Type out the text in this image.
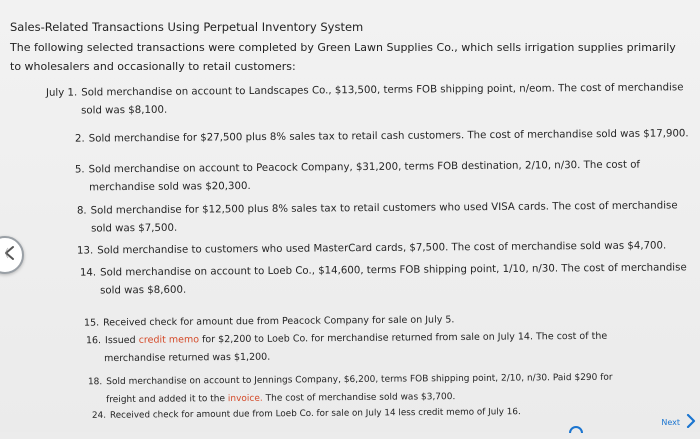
Sales-Related Transactions Using Perpetual Inventory System
The following selected transactions were completed by Green Lawn Supplies Co., which sells irrigation supplies primarily to wholesalers and occasionally to retail customers:
July 1. Sold merchandise on account to Landscapes Co., $13,500, terms FOB shipping point, n/eom. The cost of merchandise
sold was $8,100.
2. Sold merchandise for $27,500 plus 8% sales tax to retail cash customers. The cost of merchandise sold was $17,900.
5. Sold merchandise on account to Peacock Company, $31,200, terms FOB destination, 2/10, n/30. The cost of
merchandise sold was $20,300.
8. Sold merchandise for $12,500 plus 8% sales tax to retail customers who used VISA cards. The cost of merchandise
sold was $7,500.
13. Sold merchandise to customers who used MasterCard cards, $7,500. The cost of merchandise sold was $4,700.
14. Sold merchandise on account to Loeb Co., $14,600, terms FOB shipping point, 1/10, n/30. The cost of merchandise
sold was $8,600.
15. Received check for amount due from Peacock Company for sale on July 5.
16. Issued credit memo for $2,200 to Loeb Co. for merchandise returned from sale on July 14. The cost of the
merchandise returned was $1,200.
18. Sold merchandise on account to Jennings Company, $6,200, terms FOB shipping point, 2/10, n/30. Paid $290 for
freight and added it to the invoice. The cost of merchandise sold was $3,700.
24. Received check for amount due from Loeb Co. for sale on July 14 less credit memo of July 16.
Next
